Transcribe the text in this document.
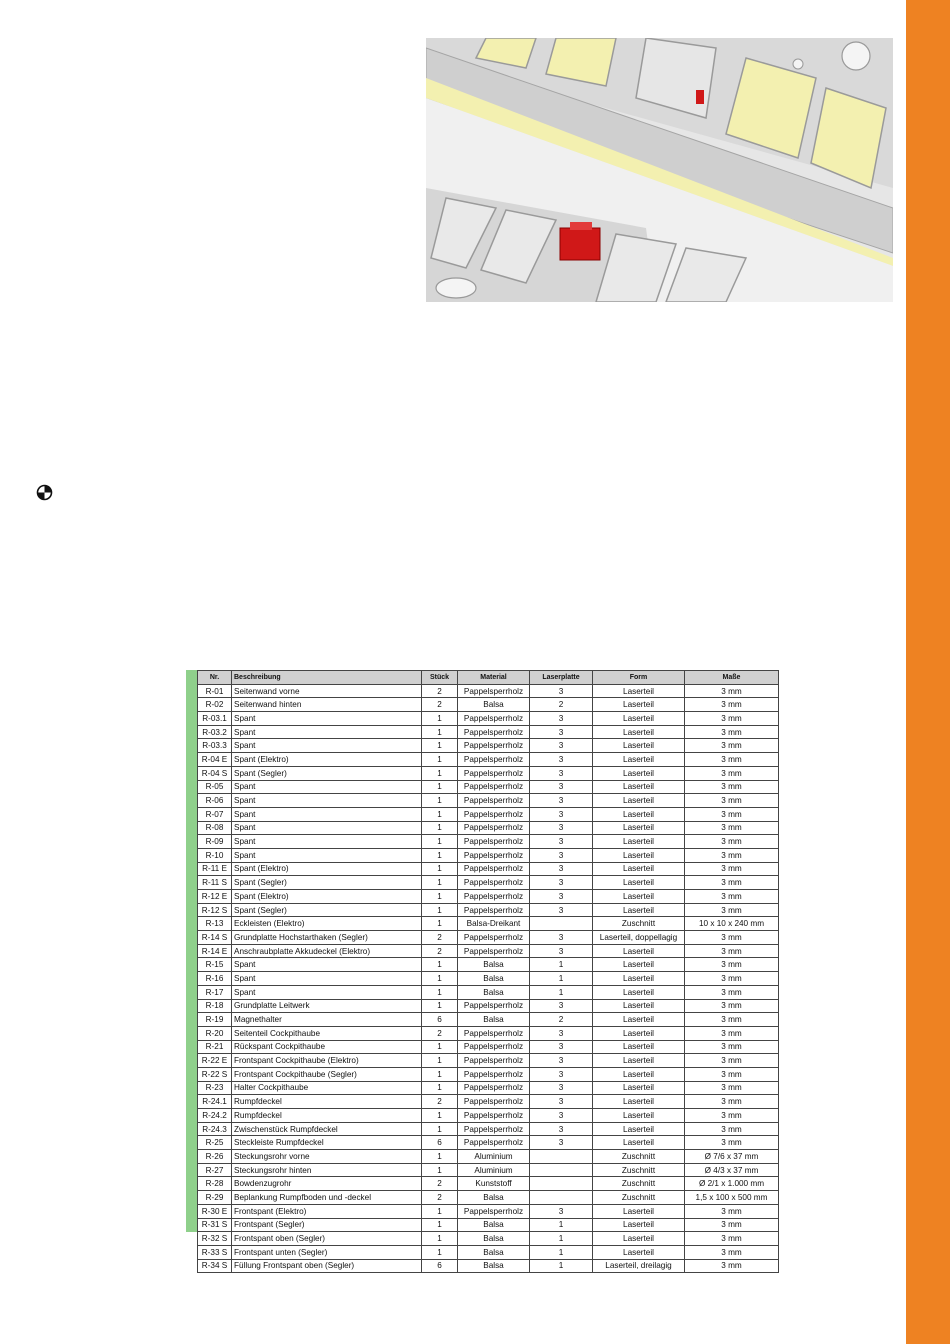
Nr.	Beschreibung	Stück	Material	Laserplatte	Form	Maße
R-01	Seitenwand vorne	2	Pappelsperrholz	3	Laserteil	3 mm
R-02	Seitenwand hinten	2	Balsa	2	Laserteil	3 mm
R-03.1	Spant	1	Pappelsperrholz	3	Laserteil	3 mm
R-03.2	Spant	1	Pappelsperrholz	3	Laserteil	3 mm
R-03.3	Spant	1	Pappelsperrholz	3	Laserteil	3 mm
R-04 E	Spant (Elektro)	1	Pappelsperrholz	3	Laserteil	3 mm
R-04 S	Spant (Segler)	1	Pappelsperrholz	3	Laserteil	3 mm
R-05	Spant	1	Pappelsperrholz	3	Laserteil	3 mm
R-06	Spant	1	Pappelsperrholz	3	Laserteil	3 mm
R-07	Spant	1	Pappelsperrholz	3	Laserteil	3 mm
R-08	Spant	1	Pappelsperrholz	3	Laserteil	3 mm
R-09	Spant	1	Pappelsperrholz	3	Laserteil	3 mm
R-10	Spant	1	Pappelsperrholz	3	Laserteil	3 mm
R-11 E	Spant (Elektro)	1	Pappelsperrholz	3	Laserteil	3 mm
R-11 S	Spant (Segler)	1	Pappelsperrholz	3	Laserteil	3 mm
R-12 E	Spant (Elektro)	1	Pappelsperrholz	3	Laserteil	3 mm
R-12 S	Spant (Segler)	1	Pappelsperrholz	3	Laserteil	3 mm
R-13	Eckleisten (Elektro)	1	Balsa-Dreikant		Zuschnitt	10 x 10 x 240 mm
R-14 S	Grundplatte Hochstarthaken (Segler)	2	Pappelsperrholz	3	Laserteil, doppellagig	3 mm
R-14 E	Anschraubplatte Akkudeckel (Elektro)	2	Pappelsperrholz	3	Laserteil	3 mm
R-15	Spant	1	Balsa	1	Laserteil	3 mm
R-16	Spant	1	Balsa	1	Laserteil	3 mm
R-17	Spant	1	Balsa	1	Laserteil	3 mm
R-18	Grundplatte Leitwerk	1	Pappelsperrholz	3	Laserteil	3 mm
R-19	Magnethalter	6	Balsa	2	Laserteil	3 mm
R-20	Seitenteil Cockpithaube	2	Pappelsperrholz	3	Laserteil	3 mm
R-21	Rückspant Cockpithaube	1	Pappelsperrholz	3	Laserteil	3 mm
R-22 E	Frontspant Cockpithaube (Elektro)	1	Pappelsperrholz	3	Laserteil	3 mm
R-22 S	Frontspant Cockpithaube (Segler)	1	Pappelsperrholz	3	Laserteil	3 mm
R-23	Halter Cockpithaube	1	Pappelsperrholz	3	Laserteil	3 mm
R-24.1	Rumpfdeckel	2	Pappelsperrholz	3	Laserteil	3 mm
R-24.2	Rumpfdeckel	1	Pappelsperrholz	3	Laserteil	3 mm
R-24.3	Zwischenstück Rumpfdeckel	1	Pappelsperrholz	3	Laserteil	3 mm
R-25	Steckleiste Rumpfdeckel	6	Pappelsperrholz	3	Laserteil	3 mm
R-26	Steckungsrohr vorne	1	Aluminium		Zuschnitt	Ø 7/6 x 37 mm
R-27	Steckungsrohr hinten	1	Aluminium		Zuschnitt	Ø 4/3 x 37 mm
R-28	Bowdenzugrohr	2	Kunststoff		Zuschnitt	Ø 2/1 x 1.000 mm
R-29	Beplankung Rumpfboden und -deckel	2	Balsa		Zuschnitt	1,5 x 100 x 500 mm
R-30 E	Frontspant (Elektro)	1	Pappelsperrholz	3	Laserteil	3 mm
R-31 S	Frontspant (Segler)	1	Balsa	1	Laserteil	3 mm
R-32 S	Frontspant oben (Segler)	1	Balsa	1	Laserteil	3 mm
R-33 S	Frontspant unten (Segler)	1	Balsa	1	Laserteil	3 mm
R-34 S	Füllung Frontspant oben (Segler)	6	Balsa	1	Laserteil, dreilagig	3 mm
